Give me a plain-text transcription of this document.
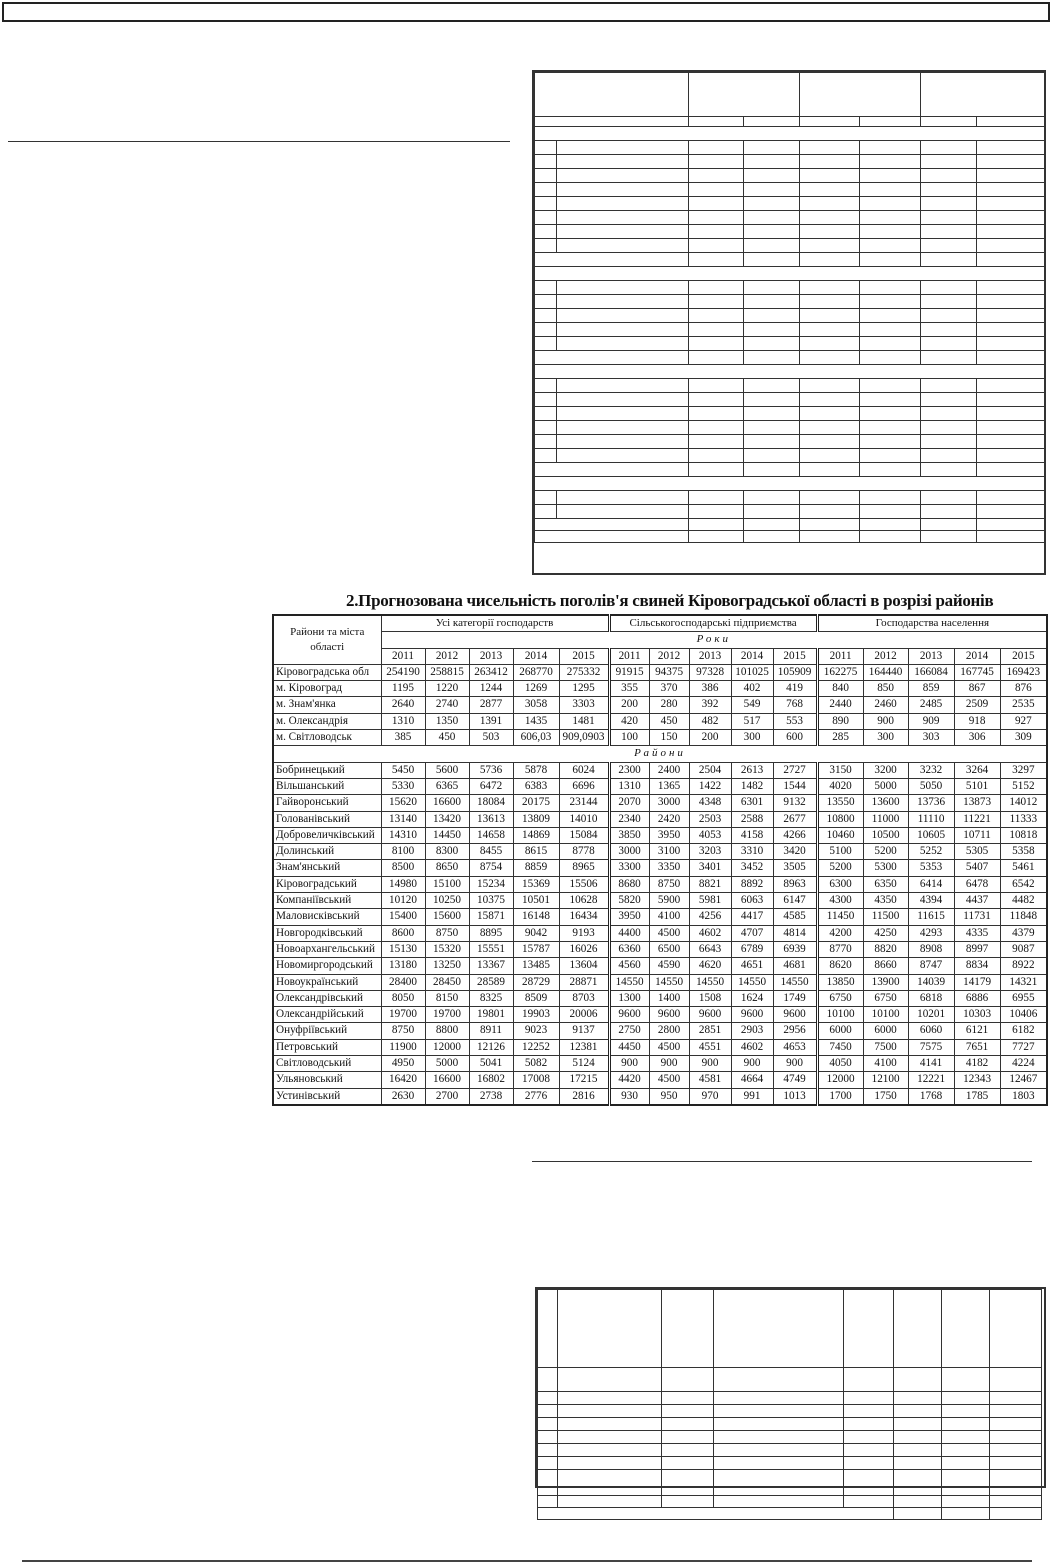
2.Прогнозована чисельність поголів'я свиней Кіровоградської області в розрізі районів
Райони та міста області	Усі категорії господарств					Сільськогосподарські підприємства					Господарства населення				
	Роки														
	2011	2012	2013	2014	2015	2011	2012	2013	2014	2015	2011	2012	2013	2014	2015
Кіровоградська обл	254190	258815	263412	268770	275332	91915	94375	97328	101025	105909	162275	164440	166084	167745	169423
м. Кіровоград	1195	1220	1244	1269	1295	355	370	386	402	419	840	850	859	867	876
м. Знам'янка	2640	2740	2877	3058	3303	200	280	392	549	768	2440	2460	2485	2509	2535
м. Олександрія	1310	1350	1391	1435	1481	420	450	482	517	553	890	900	909	918	927
м. Світловодськ	385	450	503	606,03	909,0903	100	150	200	300	600	285	300	303	306	309
Райони															
Бобринецький	5450	5600	5736	5878	6024	2300	2400	2504	2613	2727	3150	3200	3232	3264	3297
Вільшанський	5330	6365	6472	6383	6696	1310	1365	1422	1482	1544	4020	5000	5050	5101	5152
Гайворонський	15620	16600	18084	20175	23144	2070	3000	4348	6301	9132	13550	13600	13736	13873	14012
Голованівський	13140	13420	13613	13809	14010	2340	2420	2503	2588	2677	10800	11000	11110	11221	11333
Добровеличківський	14310	14450	14658	14869	15084	3850	3950	4053	4158	4266	10460	10500	10605	10711	10818
Долинський	8100	8300	8455	8615	8778	3000	3100	3203	3310	3420	5100	5200	5252	5305	5358
Знам'янський	8500	8650	8754	8859	8965	3300	3350	3401	3452	3505	5200	5300	5353	5407	5461
Кіровоградський	14980	15100	15234	15369	15506	8680	8750	8821	8892	8963	6300	6350	6414	6478	6542
Компаніївський	10120	10250	10375	10501	10628	5820	5900	5981	6063	6147	4300	4350	4394	4437	4482
Маловисківський	15400	15600	15871	16148	16434	3950	4100	4256	4417	4585	11450	11500	11615	11731	11848
Новгородківський	8600	8750	8895	9042	9193	4400	4500	4602	4707	4814	4200	4250	4293	4335	4379
Новоархангельський	15130	15320	15551	15787	16026	6360	6500	6643	6789	6939	8770	8820	8908	8997	9087
Новомиргородський	13180	13250	13367	13485	13604	4560	4590	4620	4651	4681	8620	8660	8747	8834	8922
Новоукраїнський	28400	28450	28589	28729	28871	14550	14550	14550	14550	14550	13850	13900	14039	14179	14321
Олександрівський	8050	8150	8325	8509	8703	1300	1400	1508	1624	1749	6750	6750	6818	6886	6955
Олександрійський	19700	19700	19801	19903	20006	9600	9600	9600	9600	9600	10100	10100	10201	10303	10406
Онуфріївський	8750	8800	8911	9023	9137	2750	2800	2851	2903	2956	6000	6000	6060	6121	6182
Петровський	11900	12000	12126	12252	12381	4450	4500	4551	4602	4653	7450	7500	7575	7651	7727
Світловодський	4950	5000	5041	5082	5124	900	900	900	900	900	4050	4100	4141	4182	4224
Ульяновський	16420	16600	16802	17008	17215	4420	4500	4581	4664	4749	12000	12100	12221	12343	12467
Устинівський	2630	2700	2738	2776	2816	930	950	970	991	1013	1700	1750	1768	1785	1803
